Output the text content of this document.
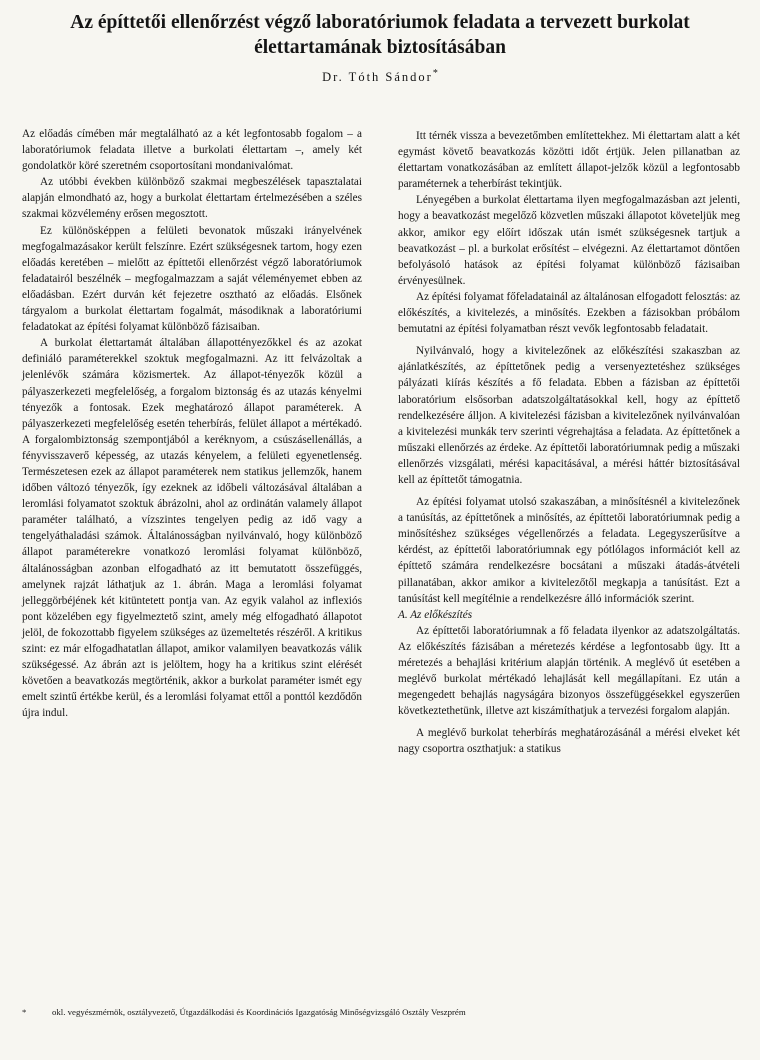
Az építtetői ellenőrzést végző laboratóriumok feladata a tervezett burkolat
élettartamának biztosításában
Dr. Tóth Sándor*

Az előadás címében már megtalálható az a két legfontosabb fogalom – a laboratóriumok feladata illetve a burkolati élettartam –, amely két gondolatkör köré szeretném csoportosítani mondanivalómat.

Az utóbbi években különböző szakmai megbeszélések tapasztalatai alapján elmondható az, hogy a burkolat élettartam értelmezésében a széles szakmai közvélemény erősen megosztott.

Ez különösképpen a felületi bevonatok műszaki irányelvének megfogalmazásakor került felszínre. Ezért szükségesnek tartom, hogy ezen előadás keretében – mielőtt az építtetői ellenőrzést végző laboratóriumok feladatairól beszélnék – megfogalmazzam a saját véleményemet ebben az előadásban. Ezért durván két fejezetre osztható az előadás. Elsőnek tárgyalom a burkolat élettartam fogalmát, másodiknak a laboratóriumi feladatokat az építési folyamat különböző fázisaiban.

A burkolat élettartamát általában állapottényezőkkel és az azokat definiáló paraméterekkel szoktuk megfogalmazni. Az itt felvázoltak a jelenlévők számára közismertek. Az állapot-tényezők közül a pályaszerkezeti megfelelőség, a forgalom biztonság és az utazás kényelmi tényezők a fontosak. Ezek meghatározó állapot paraméterek. A pályaszerkezeti megfelelőség esetén teherbírás, felület állapot a mértékadó. A forgalombiztonság szempontjából a keréknyom, a csúszásellenállás, a fényvisszaverő képesség, az utazás kényelem, a felületi egyenetlenség. Természetesen ezek az állapot paraméterek nem statikus jellemzők, hanem időben változó tényezők, így ezeknek az időbeli változásával általában a leromlási folyamatot szoktuk ábrázolni, ahol az ordinátán valamely állapot paraméter található, a vízszintes tengelyen pedig az idő vagy a tengelyáthaladási számok. Általánosságban nyilvánvaló, hogy különböző állapot paraméterekre vonatkozó leromlási folyamat különböző, általánosságban azonban elfogadható az itt bemutatott összefüggés, amelynek rajzát láthatjuk az 1. ábrán. Maga a leromlási folyamat jelleggörbéjének két kitüntetett pontja van. Az egyik valahol az inflexiós pont közelében egy figyelmeztető szint, amely még elfogadható állapotot jelöl, de fokozottabb figyelem szükséges az üzemeltetés részéről. A kritikus szint: ez már elfogadhatatlan állapot, amikor valamilyen beavatkozás válik szükségessé. Az ábrán azt is jelöltem, hogy ha a kritikus szint elérését követően a beavatkozás megtörténik, akkor a burkolat paraméter ismét egy emelt szintű értékbe kerül, és a leromlási folyamat ettől a ponttól kezdődőn újra indul.

Itt térnék vissza a bevezetőmben említettekhez. Mi élettartam alatt a két egymást követő beavatkozás közötti időt értjük. Jelen pillanatban az élettartam vonatkozásában az említett állapot-jelzők közül a legfontosabb paraméternek a teherbírást tekintjük.

Lényegében a burkolat élettartama ilyen megfogalmazásban azt jelenti, hogy a beavatkozást megelőző közvetlen műszaki állapotot követeljük meg akkor, amikor egy előírt időszak után ismét szükségesnek tartjuk a beavatkozást – pl. a burkolat erősítést – elvégezni. Az élettartamot döntően befolyásoló hatások az építési folyamat különböző fázisaiban érvényesülnek.

Az építési folyamat főfeladatainál az általánosan elfogadott felosztás: az előkészítés, a kivitelezés, a minősítés. Ezekben a fázisokban próbálom bemutatni az építési folyamatban részt vevők legfontosabb feladatait.

Nyilvánvaló, hogy a kivitelezőnek az előkészítési szakaszban az ajánlatkészítés, az építtetőnek pedig a versenyeztetéshez szükséges pályázati kiírás készítés a fő feladata. Ebben a fázisban az építtetői laboratórium elsősorban adatszolgáltatásokkal kell, hogy az építtető rendelkezésére álljon. A kivitelezési fázisban a kivitelezőnek nyilvánvalóan a kivitelezési munkák terv szerinti végrehajtása a feladata. Az építtetőnek a műszaki ellenőrzés az érdeke. Az építtetői laboratóriumnak pedig a műszaki ellenőrzés vizsgálati, mérési kapacitásával, a mérési háttér biztosításával kell az építtetőt támogatnia.

Az építési folyamat utolsó szakaszában, a minősítésnél a kivitelezőnek a tanúsítás, az építtetőnek a minősítés, az építtetői laboratóriumnak pedig a minősítéshez szükséges végellenőrzés a feladata. Legegyszerűsítve a kérdést, az építtetői laboratóriumnak egy pótlólagos információt kell az építtető számára rendelkezésre bocsátani a műszaki átadás-átvételi pillanatában, akkor amikor a kivitelezőtől megkapja a tanúsítást. Ezt a tanúsítást kell megítélnie a rendelkezésre álló információk szerint.

A. Az előkészítés

Az építtetői laboratóriumnak a fő feladata ilyenkor az adatszolgáltatás. Az előkészítés fázisában a méretezés kérdése a legfontosabb ügy. Itt a méretezés a behajlási kritérium alapján történik. A meglévő út esetében a meglévő burkolat mértékadó lehajlását kell megállapítani. Ez után a megengedett behajlás nagyságára bizonyos összefüggésekkel egyszerűen következtethetünk, illetve azt kiszámíthatjuk a tervezési forgalom alapján.

A meglévő burkolat teherbírás meghatározásánál a mérési elveket két nagy csoportra oszthatjuk: a statikus

*	okl. vegyészmérnök, osztályvezető, Útgazdálkodási és Koordinációs Igazgatóság Minőségvizsgáló Osztály Veszprém
